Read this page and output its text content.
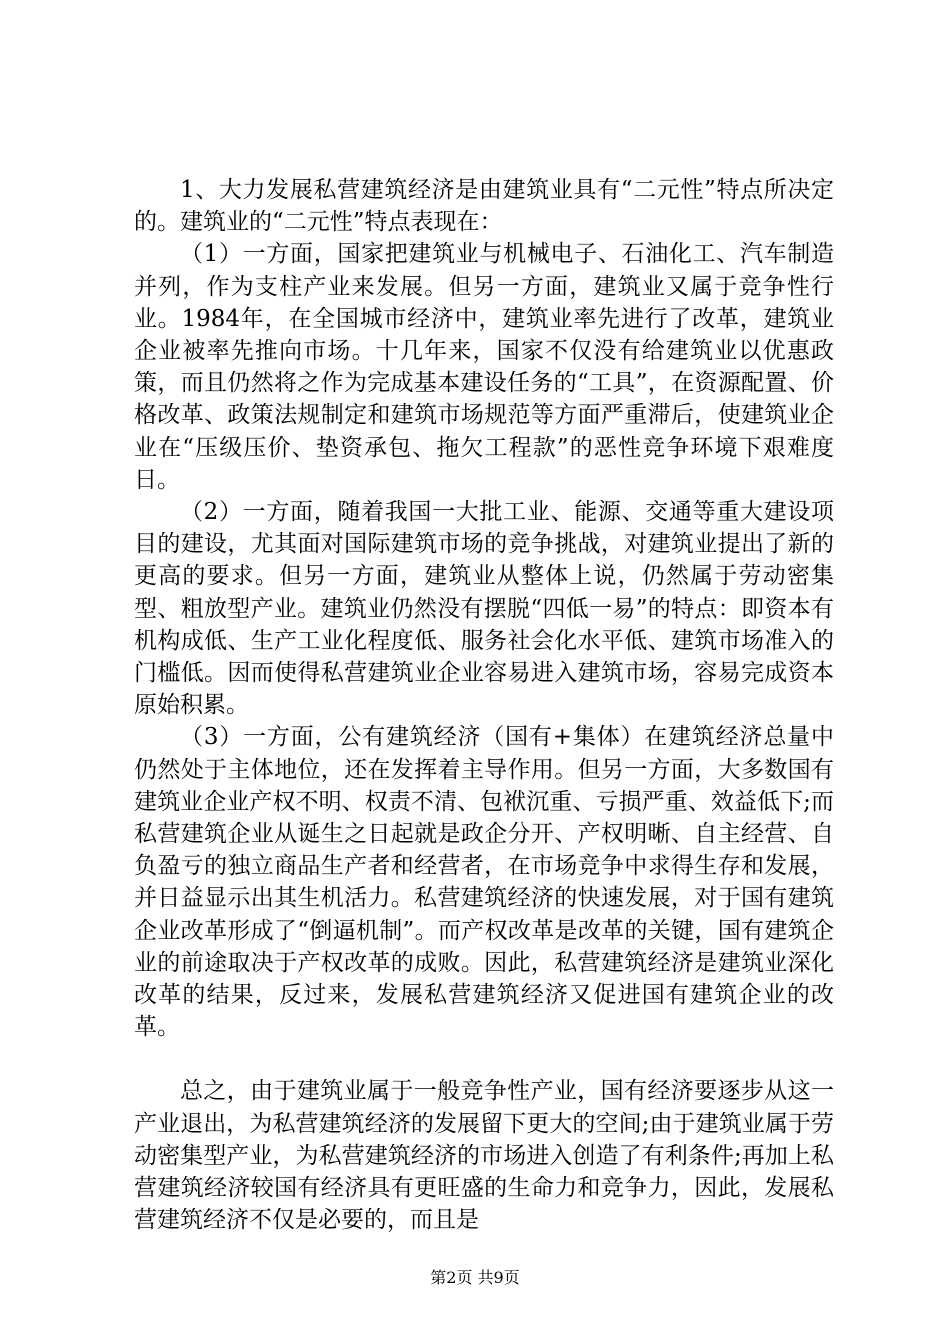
1、大力发展私营建筑经济是由建筑业具有“二元性”特点所决定的。建筑业的“二元性”特点表现在：

（1）一方面，国家把建筑业与机械电子、石油化工、汽车制造并列，作为支柱产业来发展。但另一方面，建筑业又属于竞争性行业。1984年，在全国城市经济中，建筑业率先进行了改革，建筑业企业被率先推向市场。十几年来，国家不仅没有给建筑业以优惠政策，而且仍然将之作为完成基本建设任务的“工具”，在资源配置、价格改革、政策法规制定和建筑市场规范等方面严重滞后，使建筑业企业在“压级压价、垫资承包、拖欠工程款”的恶性竞争环境下艰难度日。

（2）一方面，随着我国一大批工业、能源、交通等重大建设项目的建设，尤其面对国际建筑市场的竞争挑战，对建筑业提出了新的更高的要求。但另一方面，建筑业从整体上说，仍然属于劳动密集型、粗放型产业。建筑业仍然没有摆脱“四低一易”的特点：即资本有机构成低、生产工业化程度低、服务社会化水平低、建筑市场准入的门槛低。因而使得私营建筑业企业容易进入建筑市场，容易完成资本原始积累。

（3）一方面，公有建筑经济（国有+集体）在建筑经济总量中仍然处于主体地位，还在发挥着主导作用。但另一方面，大多数国有建筑业企业产权不明、权责不清、包袱沉重、亏损严重、效益低下;而私营建筑企业从诞生之日起就是政企分开、产权明晰、自主经营、自负盈亏的独立商品生产者和经营者，在市场竞争中求得生存和发展，并日益显示出其生机活力。私营建筑经济的快速发展，对于国有建筑企业改革形成了“倒逼机制”。而产权改革是改革的关键，国有建筑企业的前途取决于产权改革的成败。因此，私营建筑经济是建筑业深化改革的结果，反过来，发展私营建筑经济又促进国有建筑企业的改革。

总之，由于建筑业属于一般竞争性产业，国有经济要逐步从这一产业退出，为私营建筑经济的发展留下更大的空间;由于建筑业属于劳动密集型产业，为私营建筑经济的市场进入创造了有利条件;再加上私营建筑经济较国有经济具有更旺盛的生命力和竞争力，因此，发展私营建筑经济不仅是必要的，而且是

第2页 共9页
